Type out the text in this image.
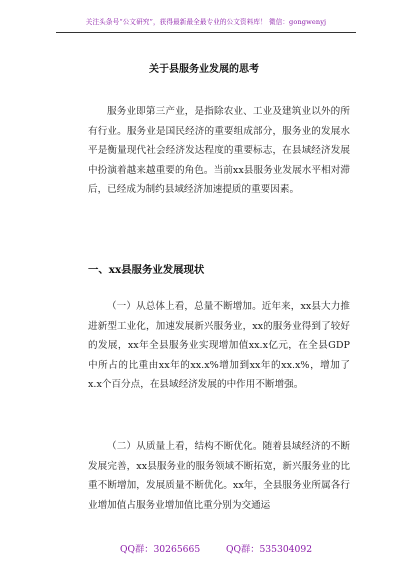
关注头条号“公文研究”，获得最新最全最专业的公文资料库！ 微信：gongwenyj
关于县服务业发展的思考

服务业即第三产业，是指除农业、工业及建筑业以外的所有行业。服务业是国民经济的重要组成部分，服务业的发展水平是衡量现代社会经济发达程度的重要标志，在县域经济发展中扮演着越来越重要的角色。当前xx县服务业发展水平相对滞后，已经成为制约县域经济加速提质的重要因素。

一、xx县服务业发展现状

（一）从总体上看，总量不断增加。近年来，xx县大力推进新型工业化，加速发展新兴服务业，xx的服务业得到了较好的发展，xx年全县服务业实现增加值xx.x亿元，在全县GDP中所占的比重由xx年的xx.x%增加到xx年的xx.x%，增加了x.x个百分点，在县域经济发展的中作用不断增强。

（二）从质量上看，结构不断优化。随着县域经济的不断发展完善，xx县服务业的服务领域不断拓宽，新兴服务业的比重不断增加，发展质量不断优化。xx年，全县服务业所属各行业增加值占服务业增加值比重分别为交通运

QQ群：30265665	QQ群：535304092
